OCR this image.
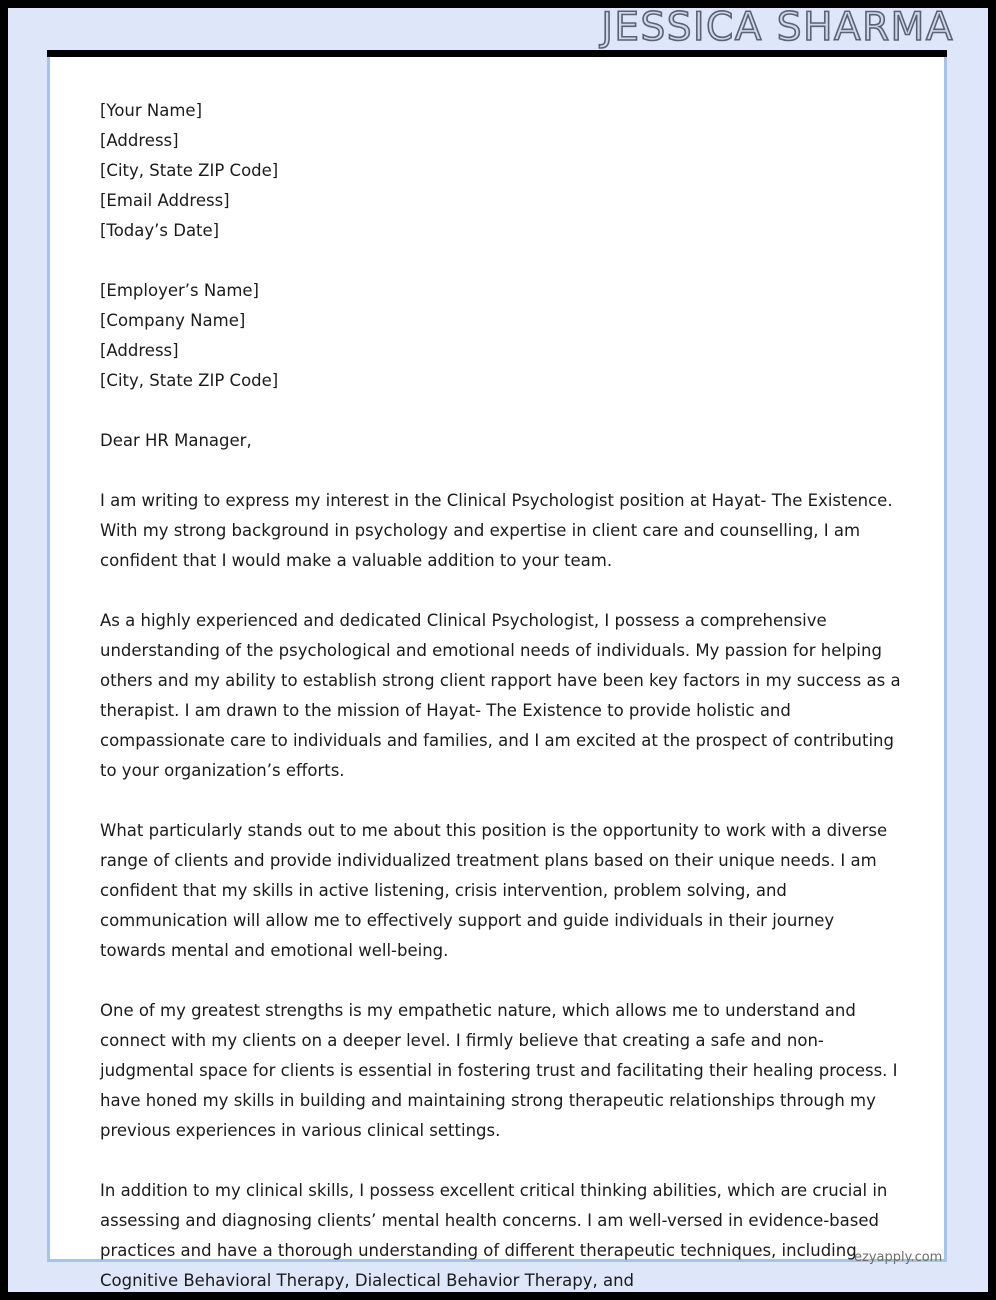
JESSICA SHARMA
[Your Name]
[Address]
[City, State ZIP Code]
[Email Address]
[Today’s Date]
[Employer’s Name]
[Company Name]
[Address]
[City, State ZIP Code]

Dear HR Manager,

I am writing to express my interest in the Clinical Psychologist position at Hayat- The Existence. With my strong background in psychology and expertise in client care and counselling, I am confident that I would make a valuable addition to your team.

As a highly experienced and dedicated Clinical Psychologist, I possess a comprehensive understanding of the psychological and emotional needs of individuals. My passion for helping others and my ability to establish strong client rapport have been key factors in my success as a therapist. I am drawn to the mission of Hayat- The Existence to provide holistic and compassionate care to individuals and families, and I am excited at the prospect of contributing to your organization’s efforts.

What particularly stands out to me about this position is the opportunity to work with a diverse range of clients and provide individualized treatment plans based on their unique needs. I am confident that my skills in active listening, crisis intervention, problem solving, and communication will allow me to effectively support and guide individuals in their journey towards mental and emotional well-being.

One of my greatest strengths is my empathetic nature, which allows me to understand and connect with my clients on a deeper level. I firmly believe that creating a safe and non-judgmental space for clients is essential in fostering trust and facilitating their healing process. I have honed my skills in building and maintaining strong therapeutic relationships through my previous experiences in various clinical settings.

In addition to my clinical skills, I possess excellent critical thinking abilities, which are crucial in assessing and diagnosing clients’ mental health concerns. I am well-versed in evidence-based practices and have a thorough understanding of different therapeutic techniques, including Cognitive Behavioral Therapy, Dialectical Behavior Therapy, and

ezyapply.com
